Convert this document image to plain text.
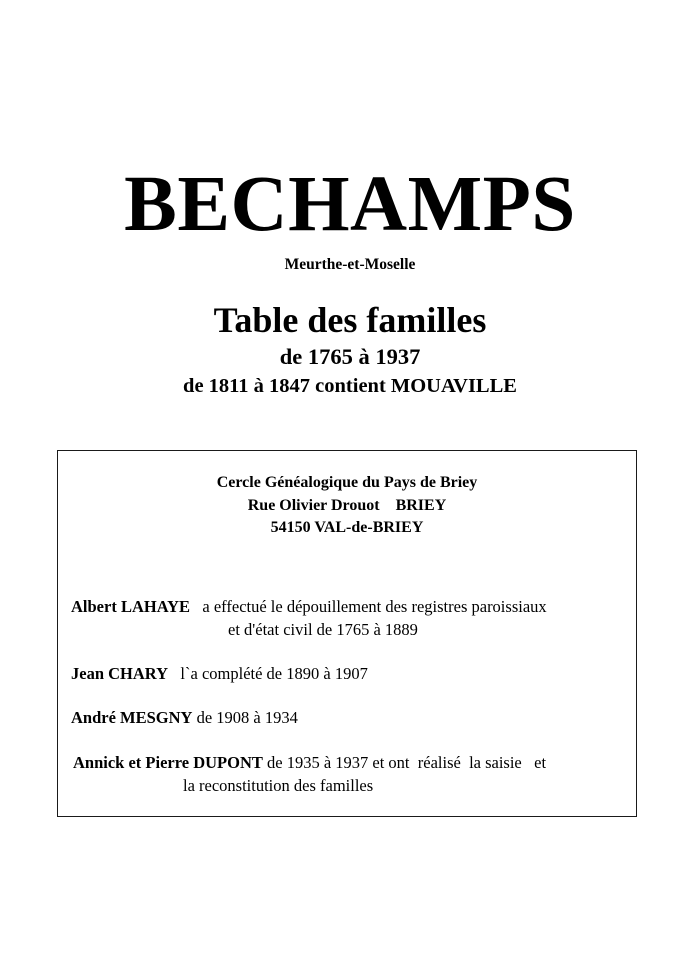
BECHAMPS
Meurthe-et-Moselle
Table des familles
de 1765 à 1937
de 1811 à 1847 contient MOUAVILLE
Cercle Généalogique du Pays de Briey
Rue Olivier Drouot    BRIEY
54150 VAL-de-BRIEY
Albert LAHAYE   a effectué le dépouillement des registres paroissiaux
et d'état civil de 1765 à 1889
Jean CHARY   l`a complété de 1890 à 1907
André MESGNY de 1908 à 1934
Annick et Pierre DUPONT de 1935 à 1937 et ont  réalisé  la saisie   et
la reconstitution des familles
